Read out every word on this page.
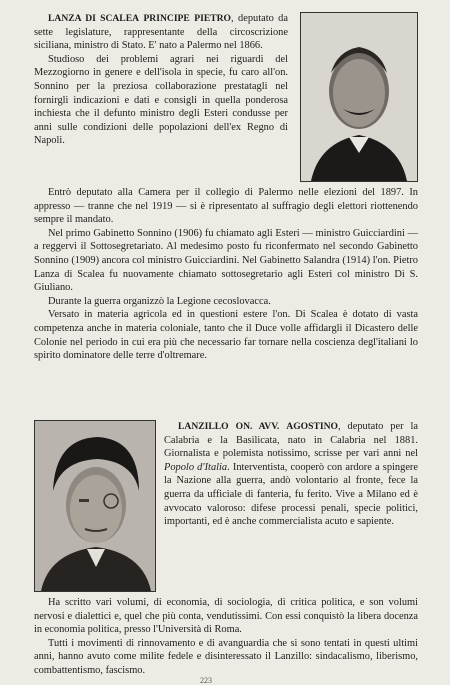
LANZA DI SCALEA PRINCIPE PIETRO, deputato da sette legislature, rappresentante della circoscrizione siciliana, ministro di Stato. E' nato a Palermo nel 1866.

Studioso dei problemi agrari nei riguardi del Mezzogiorno in genere e dell'isola in specie, fu caro all'on. Sonnino per la preziosa collaborazione prestatagli nel fornirgli indicazioni e dati e consigli in quella ponderosa inchiesta che il defunto ministro degli Esteri condusse per anni sulle condizioni delle popolazioni dell'ex Regno di Napoli.

Entrò deputato alla Camera per il collegio di Palermo nelle elezioni del 1897. In appresso — tranne che nel 1919 — si è ripresentato al suffragio degli elettori riottenendo sempre il mandato.

Nel primo Gabinetto Sonnino (1906) fu chiamato agli Esteri — ministro Guicciardini — a reggervi il Sottosegretariato. Al medesimo posto fu riconfermato nel secondo Gabinetto Sonnino (1909) ancora col ministro Guicciardini. Nel Gabinetto Salandra (1914) l'on. Pietro Lanza di Scalea fu nuovamente chiamato sottosegretario agli Esteri col ministro Di S. Giuliano.

Durante la guerra organizzò la Legione cecoslovacca.

Versato in materia agricola ed in questioni estere l'on. Di Scalea è dotato di vasta competenza anche in materia coloniale, tanto che il Duce volle affidargli il Dicastero delle Colonie nel periodo in cui era più che necessario far tornare nella coscienza degl'italiani lo spirito dominatore delle terre d'oltremare.

LANZILLO ON. AVV. AGOSTINO, deputato per la Calabria e la Basilicata, nato in Calabria nel 1881. Giornalista e polemista notissimo, scrisse per vari anni nel Popolo d'Italia. Interventista, cooperò con ardore a spingere la Nazione alla guerra, andò volontario al fronte, fece la guerra da ufficiale di fanteria, fu ferito. Vive a Milano ed è avvocato valoroso: difese processi penali, specie politici, importanti, ed è anche commercialista acuto e sapiente.

Ha scritto vari volumi, di economia, di sociologia, di critica politica, e son volumi nervosi e dialettici e, quel che più conta, vendutissimi. Con essi conquistò la libera docenza in economia politica, presso l'Università di Roma.

Tutti i movimenti di rinnovamento e di avanguardia che si sono tentati in questi ultimi anni, hanno avuto come milite fedele e disinteressato il Lanzillo: sindacalismo, liberismo, combattentismo, fascismo.

223
